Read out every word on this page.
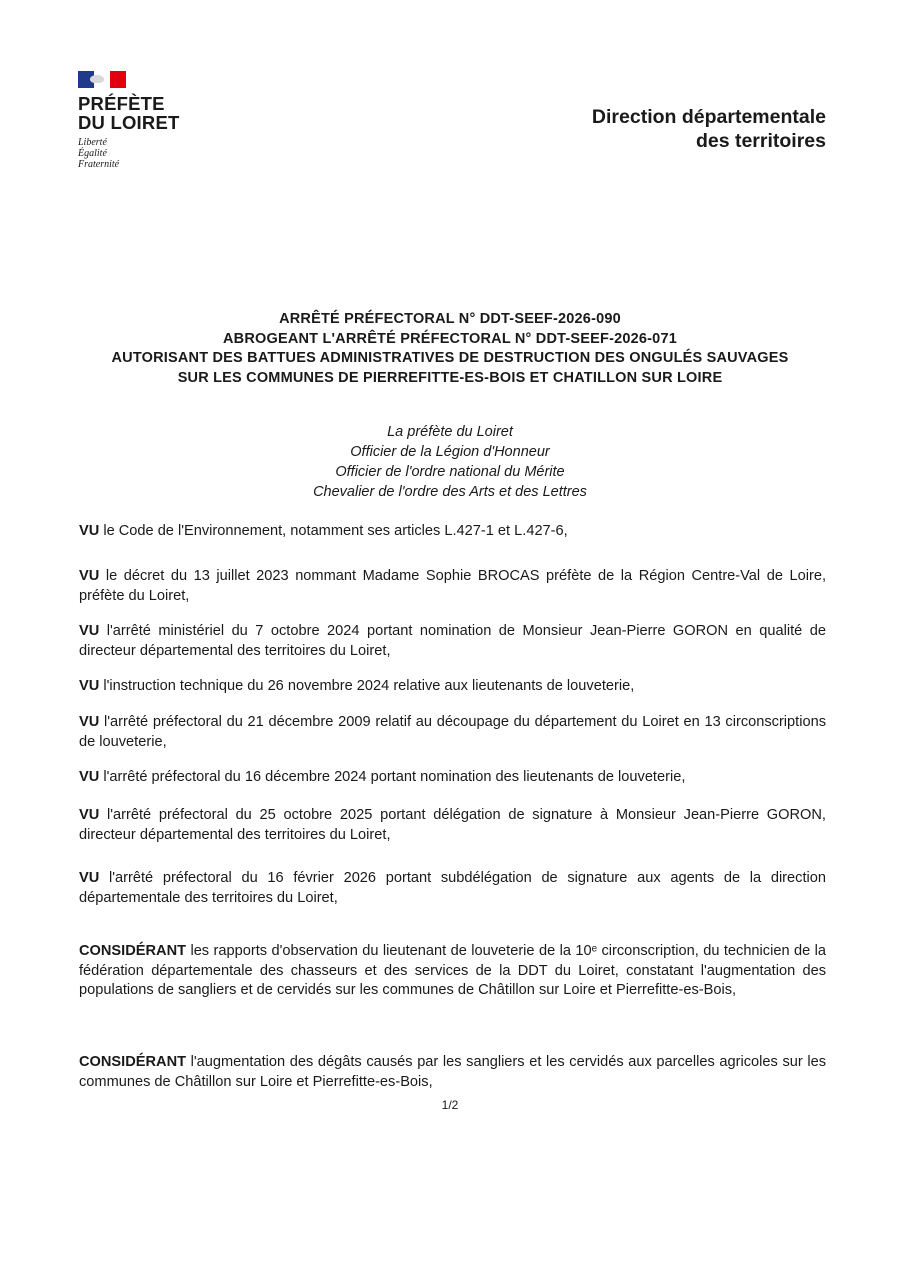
PRÉFÈTE
DU LOIRET
Liberté
Égalité
Fraternité
Direction départementale
des territoires
ARRÊTÉ PRÉFECTORAL N° DDT-SEEF-2026-090
ABROGEANT L'ARRÊTÉ PRÉFECTORAL N° DDT-SEEF-2026-071
AUTORISANT DES BATTUES ADMINISTRATIVES DE DESTRUCTION DES ONGULÉS SAUVAGES
SUR LES COMMUNES DE PIERREFITTE-ES-BOIS ET CHATILLON SUR LOIRE
La préfète du Loiret
Officier de la Légion d'Honneur
Officier de l'ordre national du Mérite
Chevalier de l'ordre des Arts et des Lettres
VU le Code de l'Environnement, notamment ses articles L.427-1 et L.427-6,
VU le décret du 13 juillet 2023 nommant Madame Sophie BROCAS préfète de la Région Centre-Val de Loire, préfète du Loiret,
VU l'arrêté ministériel du 7 octobre 2024 portant nomination de Monsieur Jean-Pierre GORON en qualité de directeur départemental des territoires du Loiret,
VU l'instruction technique du 26 novembre 2024 relative aux lieutenants de louveterie,
VU l'arrêté préfectoral du 21 décembre 2009 relatif au découpage du département du Loiret en 13 circonscriptions de louveterie,
VU l'arrêté préfectoral du 16 décembre 2024 portant nomination des lieutenants de louveterie,
VU l'arrêté préfectoral du 25 octobre 2025 portant délégation de signature à Monsieur Jean-Pierre GORON, directeur départemental des territoires du Loiret,
VU l'arrêté préfectoral du 16 février 2026 portant subdélégation de signature aux agents de la direction départementale des territoires du Loiret,
CONSIDÉRANT les rapports d'observation du lieutenant de louveterie de la 10ᵉ circonscription, du technicien de la fédération départementale des chasseurs et des services de la DDT du Loiret, constatant l'augmentation des populations de sangliers et de cervidés sur les communes de Châtillon sur Loire et Pierrefitte-es-Bois,
CONSIDÉRANT l'augmentation des dégâts causés par les sangliers et les cervidés aux parcelles agricoles sur les communes de Châtillon sur Loire et Pierrefitte-es-Bois,
1/2
